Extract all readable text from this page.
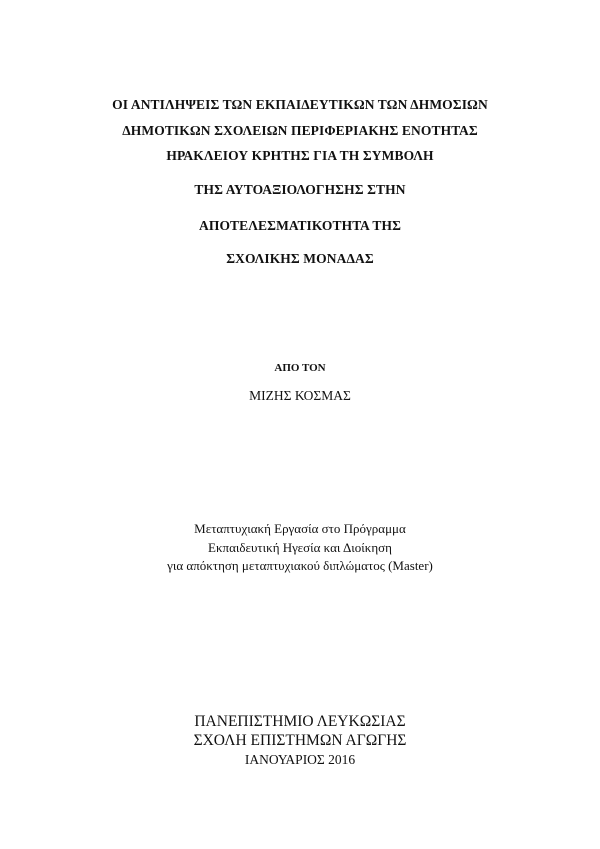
ΟΙ ΑΝΤΙΛΗΨΕΙΣ ΤΩΝ ΕΚΠΑΙΔΕΥΤΙΚΩΝ ΤΩΝ ΔΗΜΟΣΙΩΝ
ΔΗΜΟΤΙΚΩΝ ΣΧΟΛΕΙΩΝ ΠΕΡΙΦΕΡΙΑΚΗΣ ΕΝΟΤΗΤΑΣ
ΗΡΑΚΛΕΙΟΥ ΚΡΗΤΗΣ ΓΙΑ ΤΗ ΣΥΜΒΟΛΗ
ΤΗΣ ΑΥΤΟΑΞΙΟΛΟΓΗΣΗΣ ΣΤΗΝ
ΑΠΟΤΕΛΕΣΜΑΤΙΚΟΤΗΤΑ ΤΗΣ
ΣΧΟΛΙΚΗΣ ΜΟΝΑΔΑΣ
ΑΠΟ ΤΟΝ
ΜΙΖΗΣ ΚΟΣΜΑΣ
Μεταπτυχιακή Εργασία στο Πρόγραμμα
Εκπαιδευτική Ηγεσία και Διοίκηση
για απόκτηση μεταπτυχιακού διπλώματος (Master)
ΠΑΝΕΠΙΣΤΗΜΙΟ ΛΕΥΚΩΣΙΑΣ
ΣΧΟΛΗ ΕΠΙΣΤΗΜΩΝ ΑΓΩΓΗΣ
ΙΑΝΟΥΑΡΙΟΣ 2016
